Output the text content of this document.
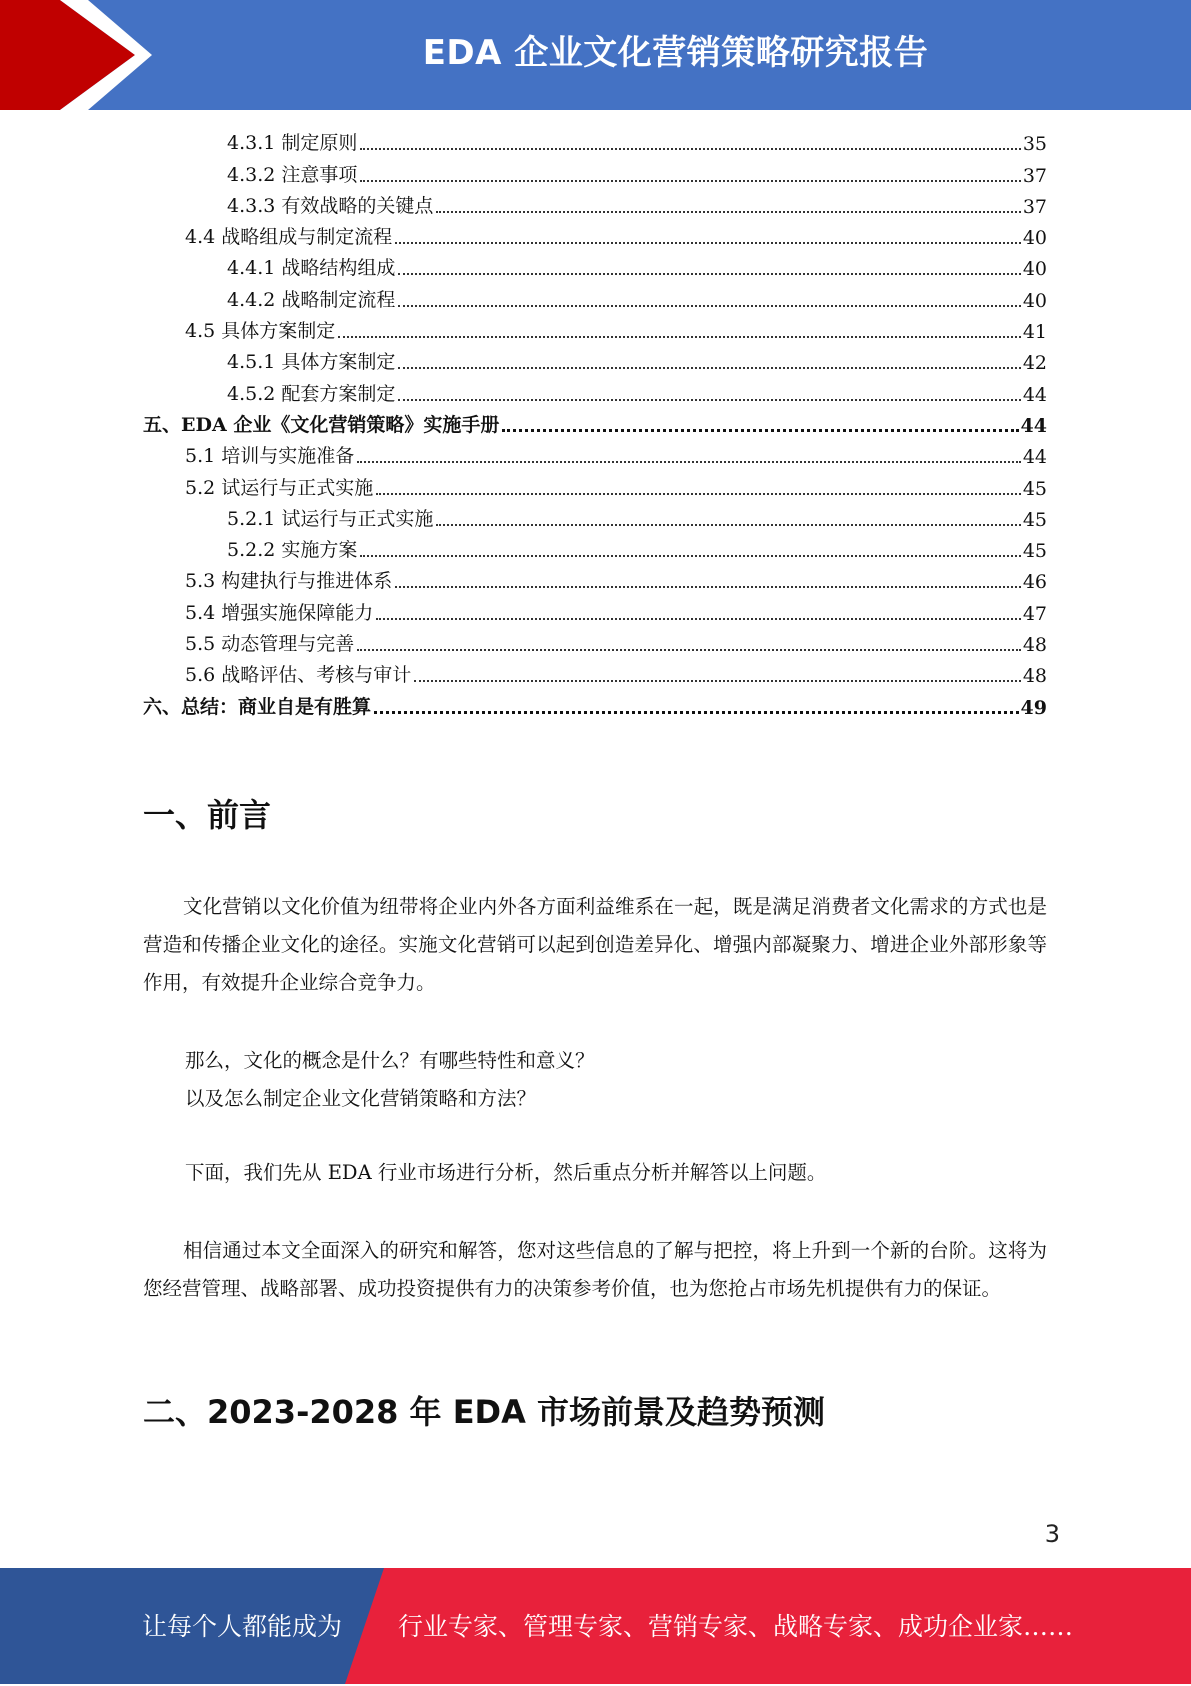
EDA 企业文化营销策略研究报告
4.3.1 制定原则	35
4.3.2 注意事项	37
4.3.3 有效战略的关键点	37
4.4 战略组成与制定流程	40
4.4.1 战略结构组成	40
4.4.2 战略制定流程	40
4.5 具体方案制定	41
4.5.1 具体方案制定	42
4.5.2 配套方案制定	44
五、EDA 企业《文化营销策略》实施手册	44
5.1 培训与实施准备	44
5.2 试运行与正式实施	45
5.2.1 试运行与正式实施	45
5.2.2 实施方案	45
5.3 构建执行与推进体系	46
5.4 增强实施保障能力	47
5.5 动态管理与完善	48
5.6 战略评估、考核与审计	48
六、总结：商业自是有胜算	49
一、前言

文化营销以文化价值为纽带将企业内外各方面利益维系在一起，既是满足消费者文化需求的方式也是营造和传播企业文化的途径。实施文化营销可以起到创造差异化、增强内部凝聚力、增进企业外部形象等作用，有效提升企业综合竞争力。

那么，文化的概念是什么？有哪些特性和意义？

以及怎么制定企业文化营销策略和方法？

下面，我们先从 EDA 行业市场进行分析，然后重点分析并解答以上问题。

相信通过本文全面深入的研究和解答，您对这些信息的了解与把控，将上升到一个新的台阶。这将为您经营管理、战略部署、成功投资提供有力的决策参考价值，也为您抢占市场先机提供有力的保证。

二、2023-2028 年 EDA 市场前景及趋势预测
3
让每个人都能成为 行业专家、管理专家、营销专家、战略专家、成功企业家……
